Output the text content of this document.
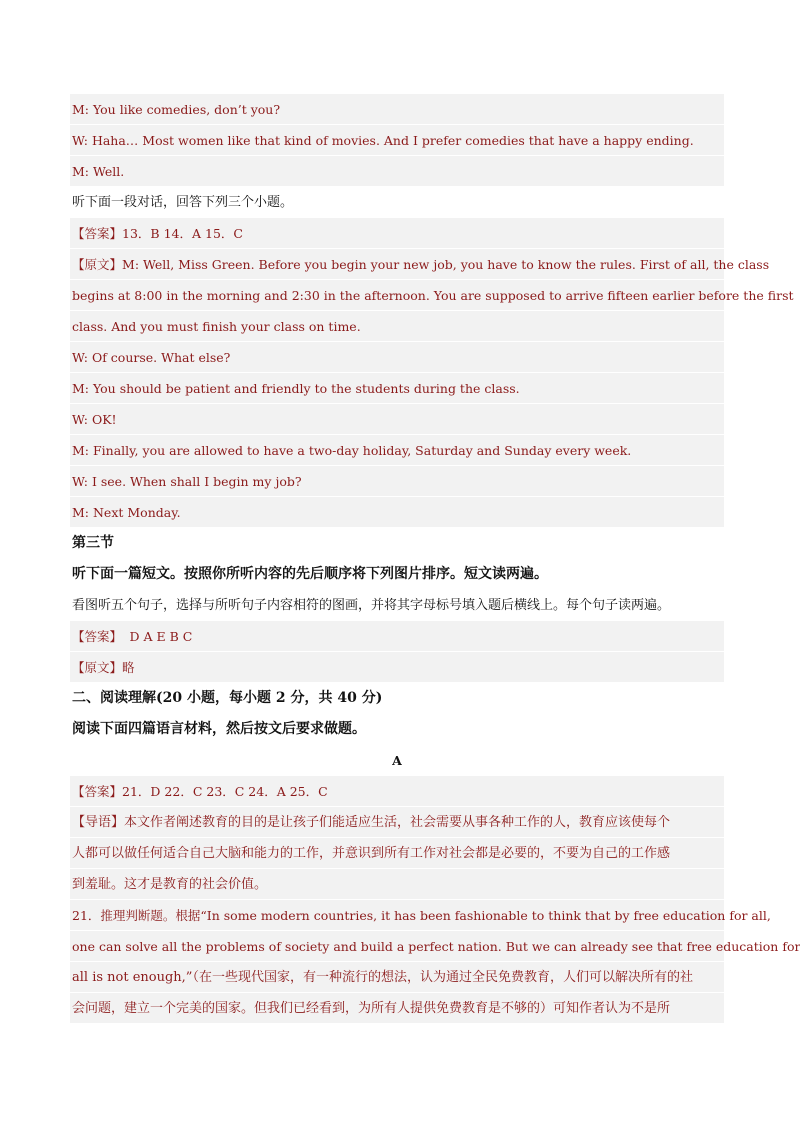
M: You like comedies, don’t you?
W: Haha… Most women like that kind of movies. And I prefer comedies that have a happy ending.
M: Well.
听下面一段对话，回答下列三个小题。
【答案】13．B 14．A 15．C
【原文】M: Well, Miss Green. Before you begin your new job, you have to know the rules. First of all, the class
begins at 8:00 in the morning and 2:30 in the afternoon. You are supposed to arrive fifteen earlier before the first
class. And you must finish your class on time.
W: Of course. What else?
M: You should be patient and friendly to the students during the class.
W: OK!
M: Finally, you are allowed to have a two-day holiday, Saturday and Sunday every week.
W: I see. When shall I begin my job?
M: Next Monday.
第三节
听下面一篇短文。按照你所听内容的先后顺序将下列图片排序。短文读两遍。
看图听五个句子，选择与所听句子内容相符的图画，并将其字母标号填入题后横线上。每个句子读两遍。
【答案】 D A E B C
【原文】略
二、阅读理解(20 小题，每小题 2 分，共 40 分)
阅读下面四篇语言材料，然后按文后要求做题。
A
【答案】21．D 22．C 23．C 24．A 25．C
【导语】本文作者阐述教育的目的是让孩子们能适应生活，社会需要从事各种工作的人，教育应该使每个
人都可以做任何适合自己大脑和能力的工作，并意识到所有工作对社会都是必要的，不要为自己的工作感
到羞耻。这才是教育的社会价值。
21．推理判断题。根据“In some modern countries, it has been fashionable to think that by free education for all,
one can solve all the problems of society and build a perfect nation. But we can already see that free education for
all is not enough,”（在一些现代国家，有一种流行的想法，认为通过全民免费教育，人们可以解决所有的社
会问题，建立一个完美的国家。但我们已经看到，为所有人提供免费教育是不够的）可知作者认为不是所
